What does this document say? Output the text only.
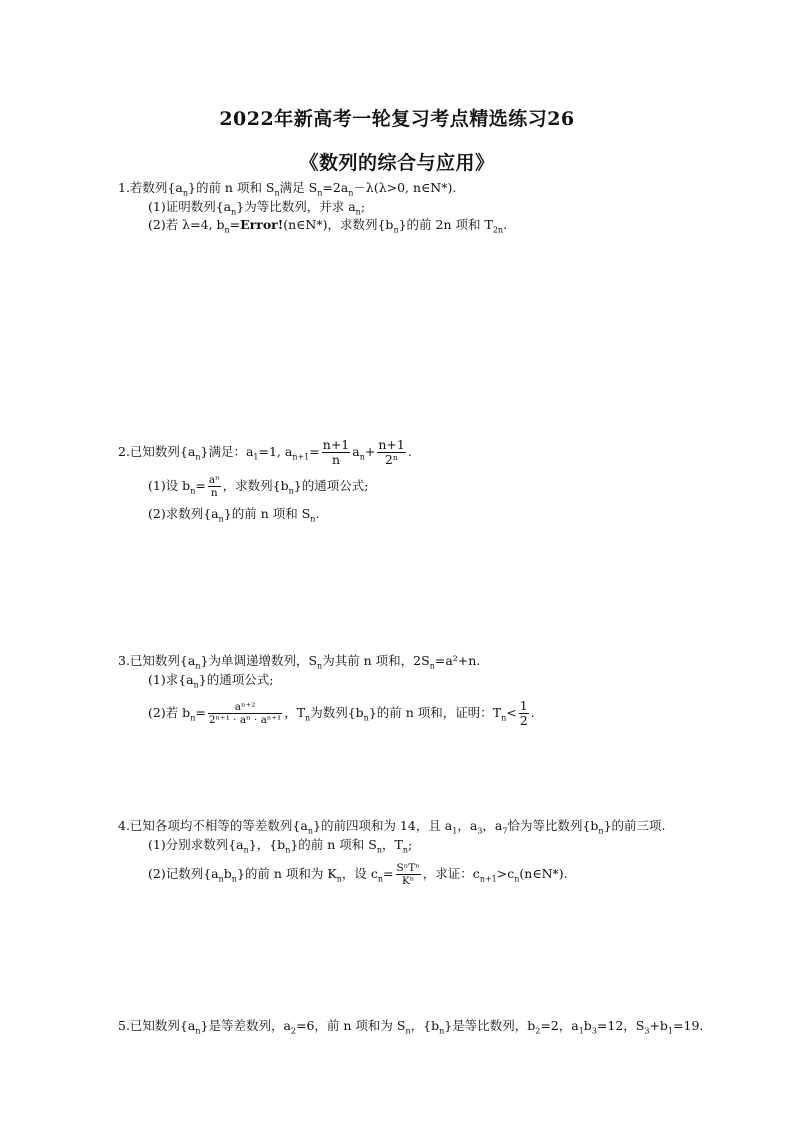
2022年新高考一轮复习考点精选练习26
《数列的综合与应用》
1.若数列$\{a_n\}$的前 n 项和 $S_n$满足 $S_n=2a_n-\lambda(\lambda>0$, n∈N*).
(1)证明数列$\{a_n\}$为等比数列，并求 $a_n$;
(2)若 λ=4, $b_n=Error!(n\in N*)$，求数列$\{b_n\}$的前 2n 项和 $T_{2n}$.
2.已知数列$\{a_n\}$满足：$a_1=1$, $a_{n+1}= \frac{n+1}{n} a_n+ \frac{n+1}{\text{2ⁿ}}$ .
(1)设 $b_n= \frac{\text{aⁿ}}{n}$ ，求数列$\{b_n\}$的通项公式;
(2)求数列$\{a_n\}$的前 n 项和 $S_n$.
3.已知数列$\{a_n\}$为单调递增数列，$S_n$为其前 n 项和，$2S_n=a^2+n$.
(1)求$\{a_n\}$的通项公式;
(2)若 $b_n= \frac{\text{aⁿ⁺²}}{\text{2ⁿ⁺¹ · aⁿ · aⁿ⁺¹}}$ ，$T_n$为数列$\{b_n\}$的前 n 项和，证明：$T_n< \frac{1}{2}$ .
4.已知各项均不相等的等差数列$\{a_n\}$的前四项和为 14，且 $a_1$，$a_3$，$a_7$恰为等比数列$\{b_n\}$的前三项.
(1)分别求数列$\{a_n\}$，$\{b_n\}$的前 n 项和 $S_n$，$T_n$;
(2)记数列$\{a_nb_n\}$的前 n 项和为 $K_n$，设 $c_n= \frac{\text{SⁿTⁿ}}{\text{Kⁿ}}$ ，求证：$c_{n+1}>c_n(n\in N*)$.
5.已知数列$\{a_n\}$是等差数列，$a_2=6$，前 n 项和为 $S_n$，$\{b_n\}$是等比数列，$b_2=2$，$a_1b_3=12$，$S_3+b_1=19$.
